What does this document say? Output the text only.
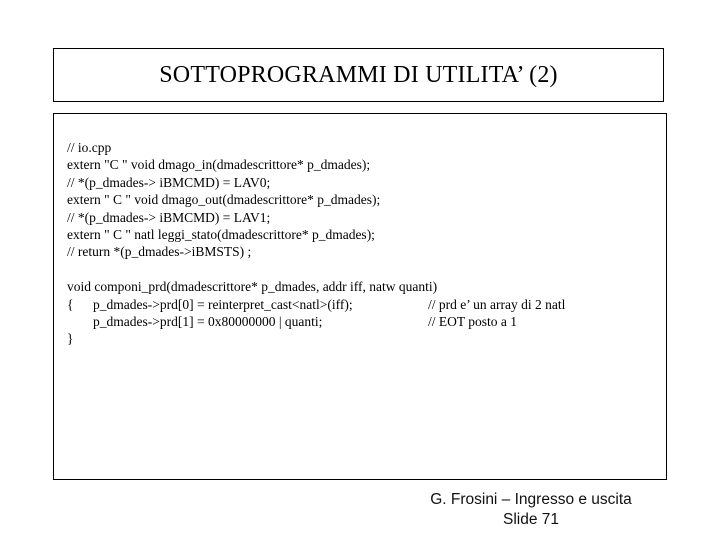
SOTTOPROGRAMMI DI UTILITA’ (2)
// io.cpp
extern "C " void dmago_in(dmadescrittore* p_dmades);
// *(p_dmades-> iBMCMD) = LAV0;
extern " C " void dmago_out(dmadescrittore* p_dmades);
// *(p_dmades-> iBMCMD) = LAV1;
extern " C " natl leggi_stato(dmadescrittore* p_dmades);
// return *(p_dmades->iBMSTS) ;
void componi_prd(dmadescrittore* p_dmades, addr iff, natw quanti)

{

p_dmades->prd[0] = reinterpret_cast<natl>(iff);

	// prd e’ un array di 2 natl

p_dmades->prd[1] = 0x80000000 | quanti;

	// EOT posto a 1

}
G. Frosini – Ingresso e uscita
Slide 71
